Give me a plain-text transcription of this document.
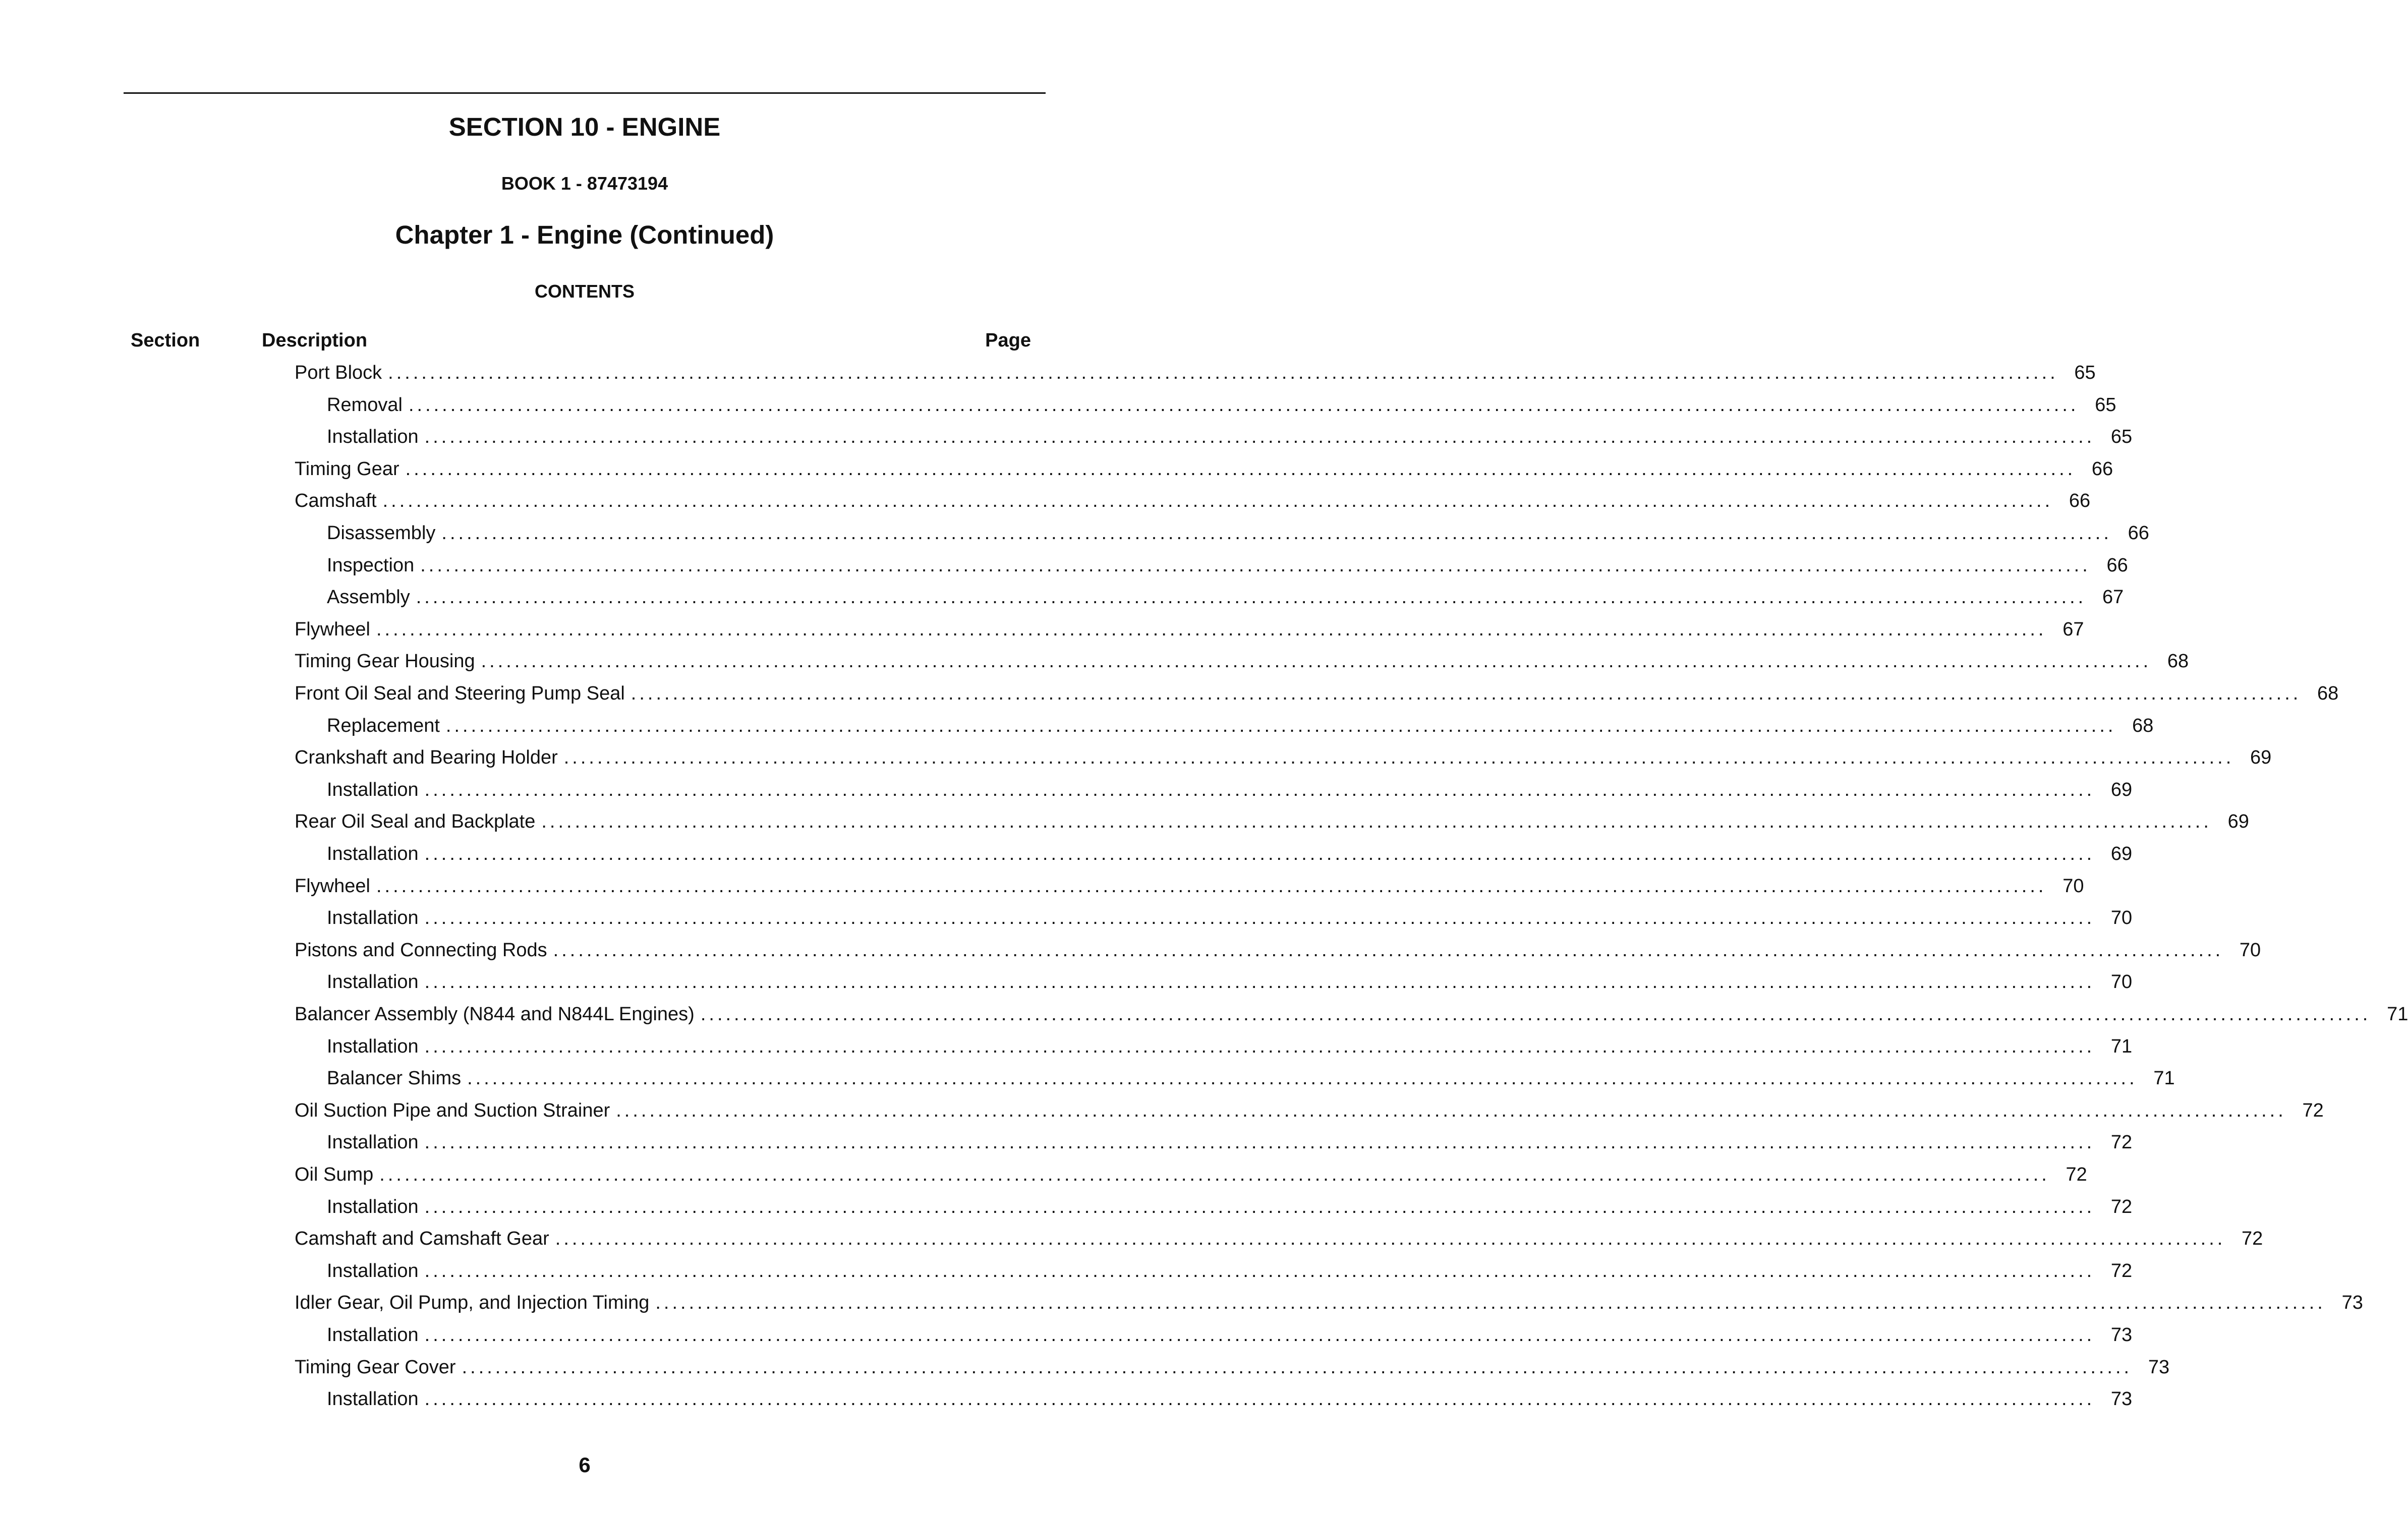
SECTION 10 - ENGINE
BOOK 1 - 87473194
Chapter 1 - Engine (Continued)
CONTENTS
Section	Description	Page
Port Block ........................................................................................................................................................................................................ 65
Removal ........................................................................................................................................................................................................ 65
Installation ........................................................................................................................................................................................................ 65
Timing Gear ........................................................................................................................................................................................................ 66
Camshaft ........................................................................................................................................................................................................ 66
Disassembly ........................................................................................................................................................................................................ 66
Inspection ........................................................................................................................................................................................................ 66
Assembly ........................................................................................................................................................................................................ 67
Flywheel ........................................................................................................................................................................................................ 67
Timing Gear Housing ........................................................................................................................................................................................................ 68
Front Oil Seal and Steering Pump Seal ........................................................................................................................................................................................................ 68
Replacement ........................................................................................................................................................................................................ 68
Crankshaft and Bearing Holder ........................................................................................................................................................................................................ 69
Installation ........................................................................................................................................................................................................ 69
Rear Oil Seal and Backplate ........................................................................................................................................................................................................ 69
Installation ........................................................................................................................................................................................................ 69
Flywheel ........................................................................................................................................................................................................ 70
Installation ........................................................................................................................................................................................................ 70
Pistons and Connecting Rods ........................................................................................................................................................................................................ 70
Installation ........................................................................................................................................................................................................ 70
Balancer Assembly (N844 and N844L Engines) ........................................................................................................................................................................................................ 71
Installation ........................................................................................................................................................................................................ 71
Balancer Shims ........................................................................................................................................................................................................ 71
Oil Suction Pipe and Suction Strainer ........................................................................................................................................................................................................ 72
Installation ........................................................................................................................................................................................................ 72
Oil Sump ........................................................................................................................................................................................................ 72
Installation ........................................................................................................................................................................................................ 72
Camshaft and Camshaft Gear ........................................................................................................................................................................................................ 72
Installation ........................................................................................................................................................................................................ 72
Idler Gear, Oil Pump, and Injection Timing ........................................................................................................................................................................................................ 73
Installation ........................................................................................................................................................................................................ 73
Timing Gear Cover ........................................................................................................................................................................................................ 73
Installation ........................................................................................................................................................................................................ 73
6
